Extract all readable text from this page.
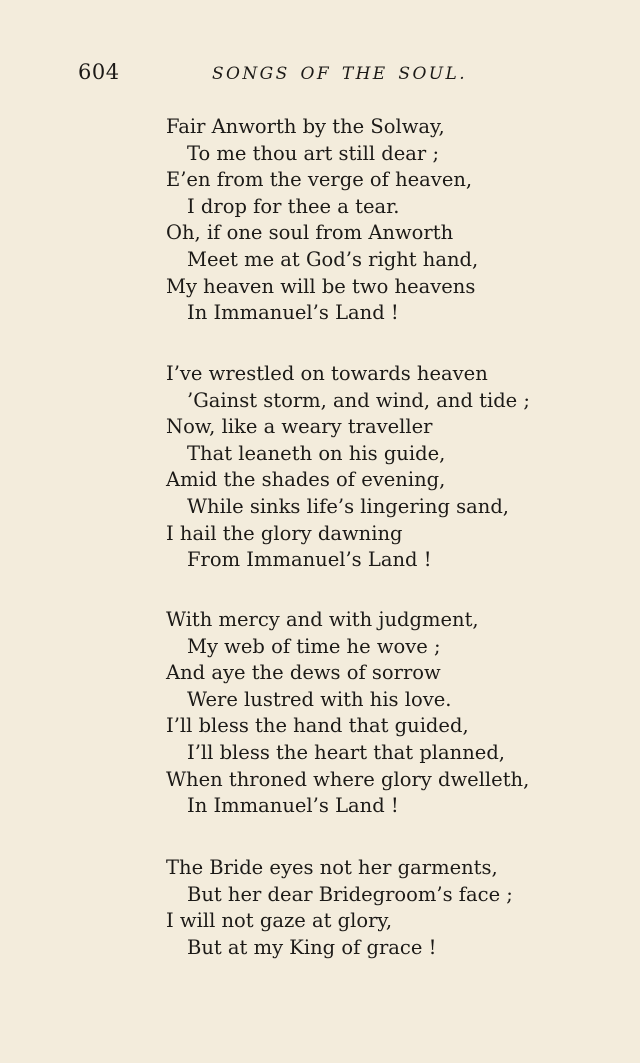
604	SONGS OF THE SOUL.
Fair Anworth by the Solway,
To me thou art still dear ;
E’en from the verge of heaven,
I drop for thee a tear.
Oh, if one soul from Anworth
Meet me at God’s right hand,
My heaven will be two heavens
In Immanuel’s Land !
I’ve wrestled on towards heaven
’Gainst storm, and wind, and tide ;
Now, like a weary traveller
That leaneth on his guide,
Amid the shades of evening,
While sinks life’s lingering sand,
I hail the glory dawning
From Immanuel’s Land !
With mercy and with judgment,
My web of time he wove ;
And aye the dews of sorrow
Were lustred with his love.
I’ll bless the hand that guided,
I’ll bless the heart that planned,
When throned where glory dwelleth,
In Immanuel’s Land !
The Bride eyes not her garments,
But her dear Bridegroom’s face ;
I will not gaze at glory,
But at my King of grace !
